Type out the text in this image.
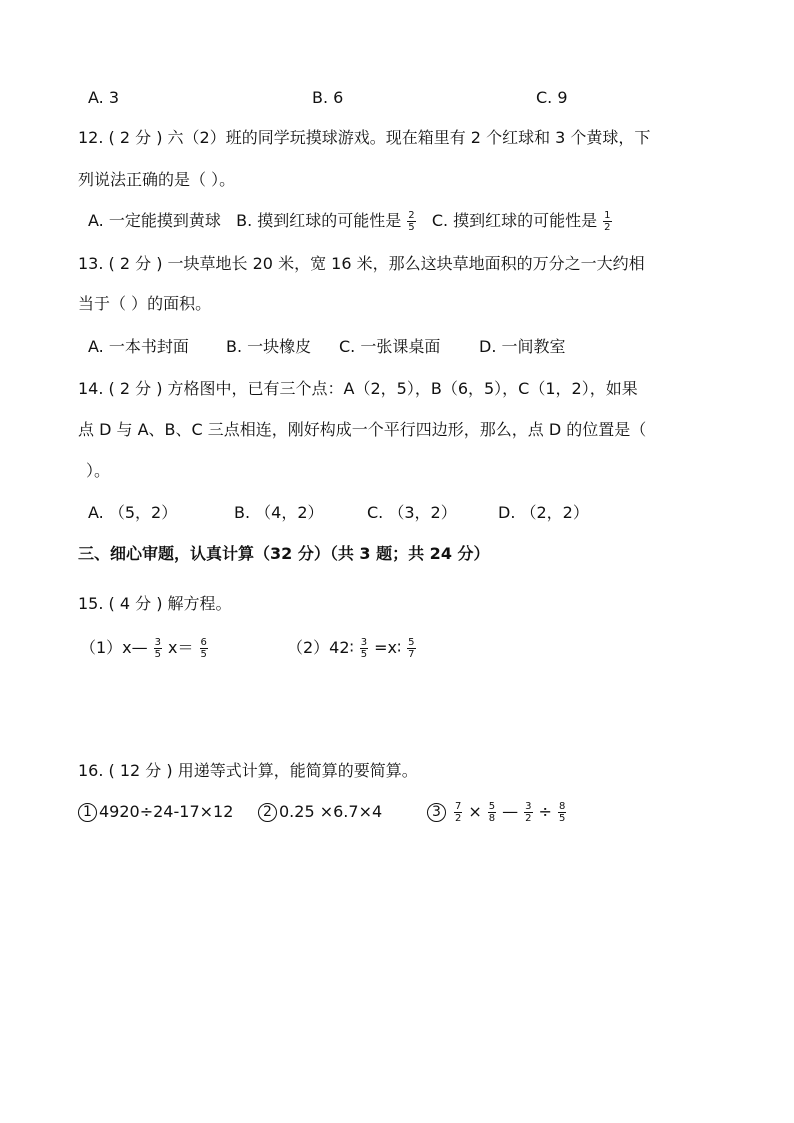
A. 3	B. 6	C. 9
12. ( 2 分 ) 六（2）班的同学玩摸球游戏。现在箱里有 2 个红球和 3 个黄球，下
列说法正确的是（ ）。
A. 一定能摸到黄球 B. 摸到红球的可能性是 $\frac{2}{5} C$. 摸到红球的可能性是 $\frac{1}{2}$
13. ( 2 分 ) 一块草地长 20 米，宽 16 米，那么这块草地面积的万分之一大约相
当于（ ）的面积。
A. 一本书封面 B. 一块橡皮 C. 一张课桌面 D. 一间教室
14. ( 2 分 ) 方格图中，已有三个点：A（2，5），B（6，5），C（1，2），如果
点 D 与 A、B、C 三点相连，刚好构成一个平行四边形，那么，点 D 的位置是（
）。
A. （5，2）	B. （4，2）	C. （3，2）	D. （2，2）
三、细心审题，认真计算（32 分）（共 3 题；共 24 分）
15. ( 4 分 ) 解方程。
（1）x— $\frac{3}{5} x= \frac{6}{5}$	（2）42∶ $\frac{3}{5}$ =x∶ $\frac{5}{7}$
16. ( 12 分 ) 用递等式计算，能简算的要简算。
1 4920÷24-17×12	2 0.25 ×6.7×4	$3 \frac{7}{2} \times \frac{5}{8}$ — $\frac{3}{2} \div \frac{8}{5}$
